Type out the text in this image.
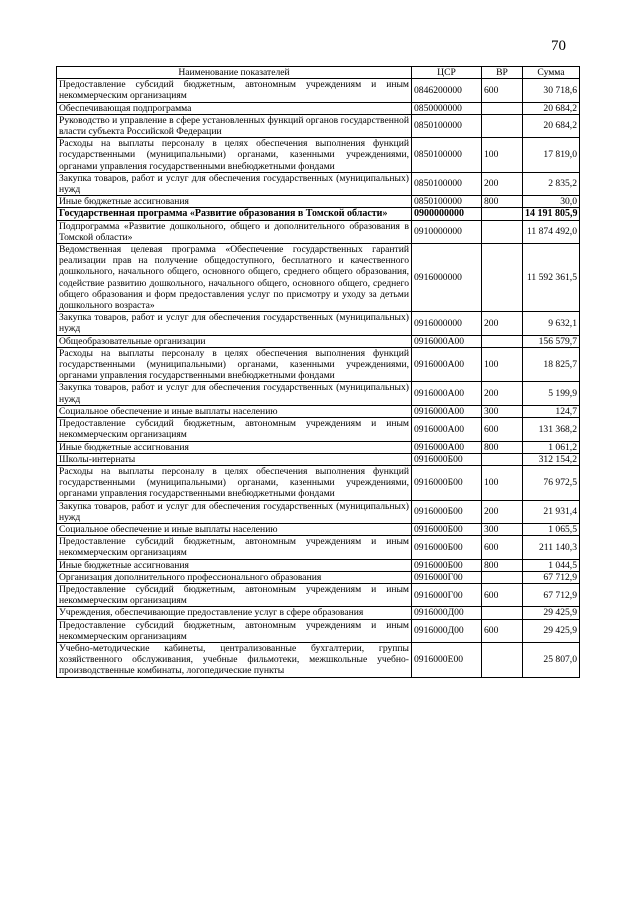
70
Наименование показателей	ЦСР	ВР	Сумма
Предоставление субсидий бюджетным, автономным учреждениям и иным некоммерческим организациям	0846200000	600	30 718,6
Обеспечивающая подпрограмма	0850000000		20 684,2
Руководство и управление в сфере установленных функций органов государственной власти субъекта Российской Федерации	0850100000		20 684,2
Расходы на выплаты персоналу в целях обеспечения выполнения функций государственными (муниципальными) органами, казенными учреждениями, органами управления государственными внебюджетными фондами	0850100000	100	17 819,0
Закупка товаров, работ и услуг для обеспечения государственных (муниципальных) нужд	0850100000	200	2 835,2
Иные бюджетные ассигнования	0850100000	800	30,0
Государственная программа «Развитие образования в Томской области»	0900000000		14 191 805,9
Подпрограмма «Развитие дошкольного, общего и дополнительного образования в Томской области»	0910000000		11 874 492,0
Ведомственная целевая программа «Обеспечение государственных гарантий реализации прав на получение общедоступного, бесплатного и качественного дошкольного, начального общего, основного общего, среднего общего образования, содействие развитию дошкольного, начального общего, основного общего, среднего общего образования и форм предоставления услуг по присмотру и уходу за детьми дошкольного возраста»	0916000000		11 592 361,5
Закупка товаров, работ и услуг для обеспечения государственных (муниципальных) нужд	0916000000	200	9 632,1
Общеобразовательные организации	0916000А00		156 579,7
Расходы на выплаты персоналу в целях обеспечения выполнения функций государственными (муниципальными) органами, казенными учреждениями, органами управления государственными внебюджетными фондами	0916000А00	100	18 825,7
Закупка товаров, работ и услуг для обеспечения государственных (муниципальных) нужд	0916000А00	200	5 199,9
Социальное обеспечение и иные выплаты населению	0916000А00	300	124,7
Предоставление субсидий бюджетным, автономным учреждениям и иным некоммерческим организациям	0916000А00	600	131 368,2
Иные бюджетные ассигнования	0916000А00	800	1 061,2
Школы-интернаты	0916000Б00		312 154,2
Расходы на выплаты персоналу в целях обеспечения выполнения функций государственными (муниципальными) органами, казенными учреждениями, органами управления государственными внебюджетными фондами	0916000Б00	100	76 972,5
Закупка товаров, работ и услуг для обеспечения государственных (муниципальных) нужд	0916000Б00	200	21 931,4
Социальное обеспечение и иные выплаты населению	0916000Б00	300	1 065,5
Предоставление субсидий бюджетным, автономным учреждениям и иным некоммерческим организациям	0916000Б00	600	211 140,3
Иные бюджетные ассигнования	0916000Б00	800	1 044,5
Организация дополнительного профессионального образования	0916000Г00		67 712,9
Предоставление субсидий бюджетным, автономным учреждениям и иным некоммерческим организациям	0916000Г00	600	67 712,9
Учреждения, обеспечивающие предоставление услуг в сфере образования	0916000Д00		29 425,9
Предоставление субсидий бюджетным, автономным учреждениям и иным некоммерческим организациям	0916000Д00	600	29 425,9
Учебно-методические кабинеты, централизованные бухгалтерии, группы хозяйственного обслуживания, учебные фильмотеки, межшкольные учебно-производственные комбинаты, логопедические пункты	0916000Е00		25 807,0
